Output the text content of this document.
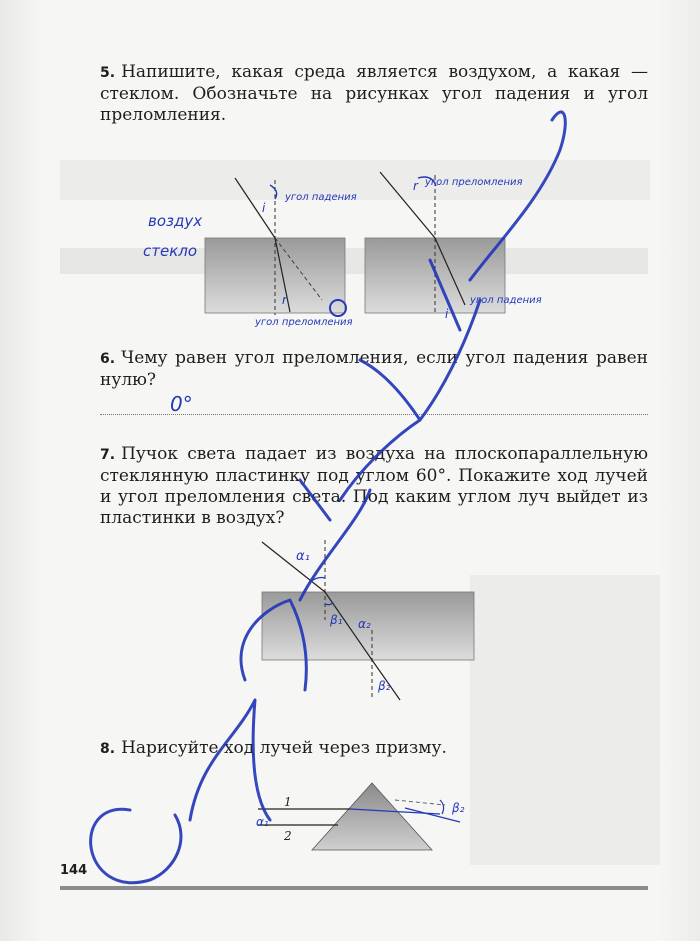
5. Напишите, какая среда является воздухом, а какая — стеклом. Обозначьте на рисунках угол падения и угол преломления.
воздух
стекло
угол падения
i
угол преломления
r
угол преломления
r
угол падения
i
6. Чему равен угол преломления, если угол падения равен нулю?
0°
7. Пучок света падает из воздуха на плоскопараллельную стеклянную пластинку под углом 60°. Покажите ход лучей и угол преломления света. Под каким углом луч выйдет из пластинки в воздух?
α₁
β₁ α₂
β₂
8. Нарисуйте ход лучей через призму.
1
2
α₁
β₂
144
